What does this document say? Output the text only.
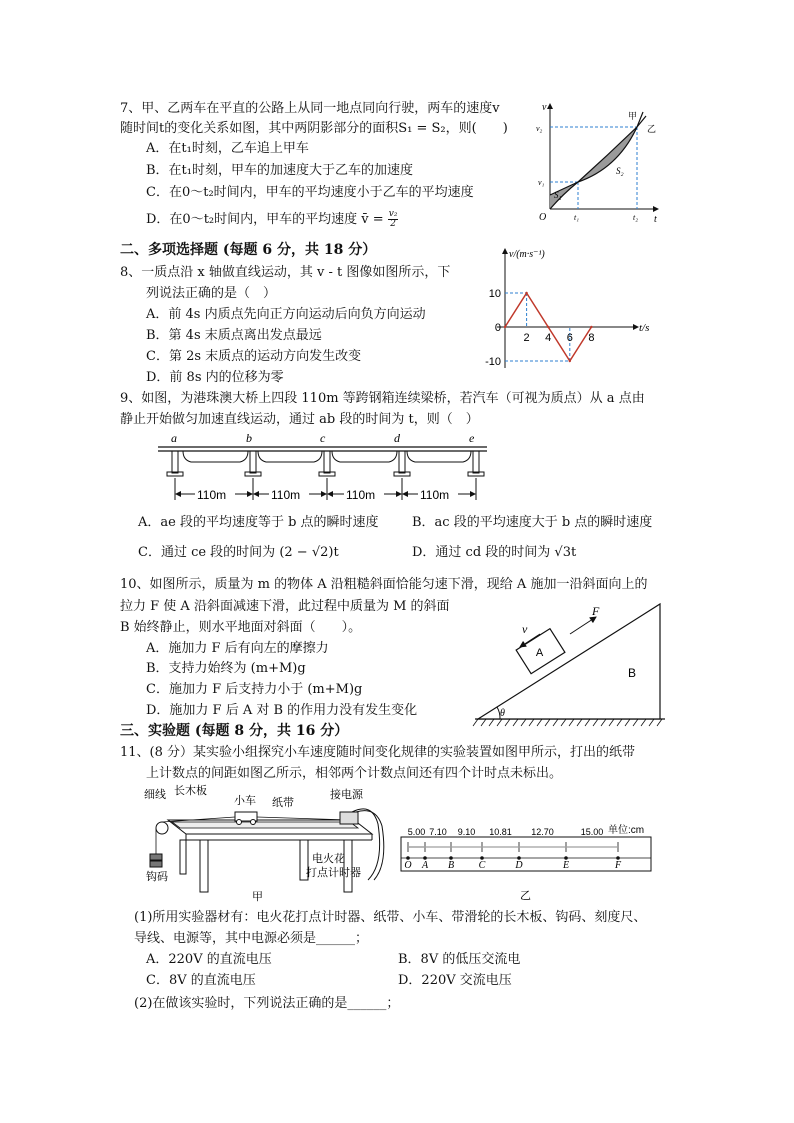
7、甲、乙两车在平直的公路上从同一地点同向行驶，两车的速度v
随时间t的变化关系如图，其中两阴影部分的面积S₁ = S₂，则(　　)
A．在t₁时刻，乙车追上甲车
B．在t₁时刻，甲车的加速度大于乙车的加速度
C．在0～t₂时间内，甲车的平均速度小于乙车的平均速度
D．在0～t₂时间内，甲车的平均速度 v̄ = $\frac{\text{v₂}}{2}$
v
t
O
v₂
v₁
t₁	t₂
S₁
S₂
甲
乙
二、多项选择题 (每题 6 分，共 18 分）
8、一质点沿 x 轴做直线运动，其 v - t 图像如图所示，下
列说法正确的是（　）
A．前 4s 内质点先向正方向运动后向负方向运动
B．第 4s 末质点离出发点最远
C．第 2s 末质点的运动方向发生改变
D．前 8s 内的位移为零
v/(m·s⁻¹)
t/s
10
0
-10
2 4 6 8
9、如图，为港珠澳大桥上四段 110m 等跨钢箱连续梁桥，若汽车（可视为质点）从 a 点由
静止开始做匀加速直线运动，通过 ab 段的时间为 t，则（　）
a	b	c	d	e
110m	110m	110m	110m
A．ae 段的平均速度等于 b 点的瞬时速度	B．ac 段的平均速度大于 b 点的瞬时速度
C．通过 ce 段的时间为 (2 − √2)t	D．通过 cd 段的时间为 √3t
10、如图所示，质量为 m 的物体 A 沿粗糙斜面恰能匀速下滑，现给 A 施加一沿斜面向上的
拉力 F 使 A 沿斜面减速下滑，此过程中质量为 M 的斜面
B 始终静止，则水平地面对斜面（　　）。
A．施加力 F 后有向左的摩擦力
B．支持力始终为 (m+M)g
C．施加力 F 后支持力小于 (m+M)g
D．施加力 F 后 A 对 B 的作用力没有发生变化
A
F
v
θ
B
三、实验题 (每题 8 分，共 16 分）
11、(8 分）某实验小组探究小车速度随时间变化规律的实验装置如图甲所示，打出的纸带
上计数点的间距如图乙所示，相邻两个计数点间还有四个计时点未标出。
细线 长木板
小车 纸带
接电源
钩码
电火花
打点计时器
甲
单位:cm
O A B C	D	E	F
5.00 7.10 9.10 10.81 12.70	15.00
乙
(1)所用实验器材有：电火花打点计时器、纸带、小车、带滑轮的长木板、钩码、刻度尺、
导线、电源等，其中电源必须是______；
A．220V 的直流电压	B．8V 的低压交流电
C．8V 的直流电压	D．220V 交流电压
(2)在做该实验时，下列说法正确的是______；
